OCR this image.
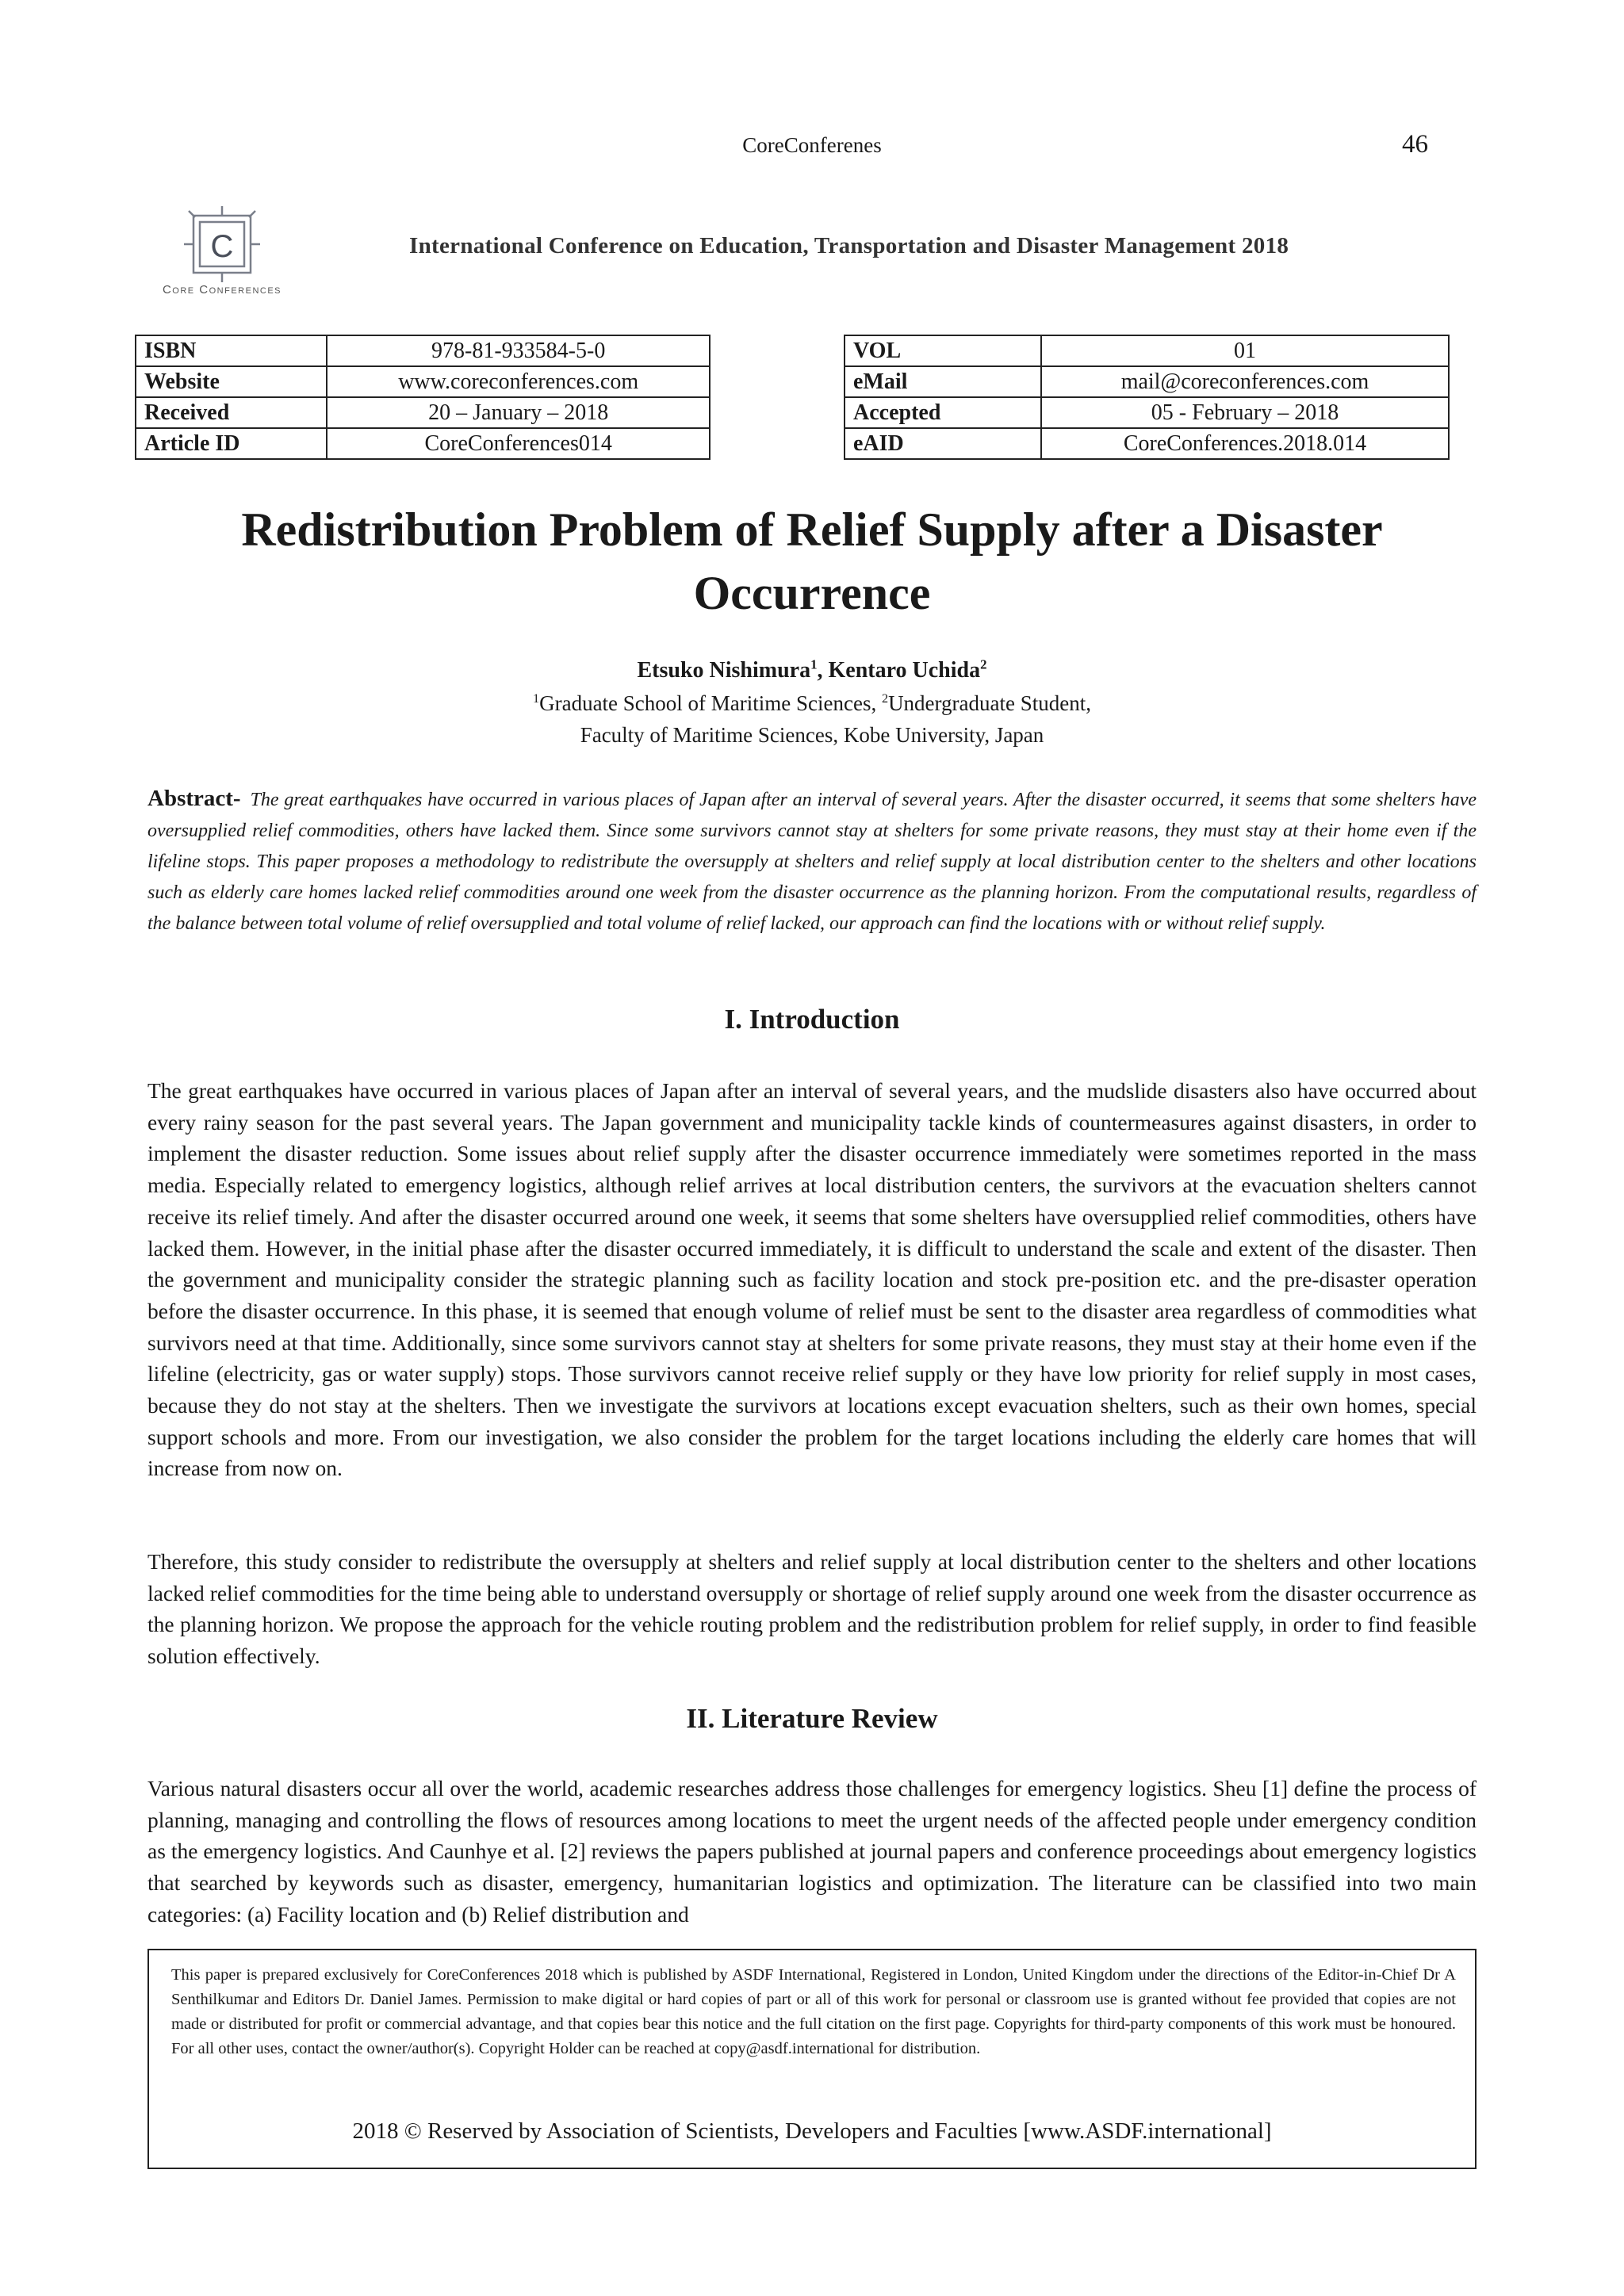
CoreConferenes	46
C
Core Conferences
International Conference on Education, Transportation and Disaster Management 2018
ISBN	978-81-933584-5-0
Website	www.coreconferences.com
Received	20 – January – 2018
Article ID	CoreConferences014
VOL	01
eMail	mail@coreconferences.com
Accepted	05 - February – 2018
eAID	CoreConferences.2018.014
Redistribution Problem of Relief Supply after a Disaster Occurrence
Etsuko Nishimura$^1$, Kentaro Uchida$^2$
$^1$Graduate School of Maritime Sciences, $^2$Undergraduate Student,
Faculty of Maritime Sciences, Kobe University, Japan
Abstract- The great earthquakes have occurred in various places of Japan after an interval of several years. After the disaster occurred, it seems that some shelters have oversupplied relief commodities, others have lacked them. Since some survivors cannot stay at shelters for some private reasons, they must stay at their home even if the lifeline stops. This paper proposes a methodology to redistribute the oversupply at shelters and relief supply at local distribution center to the shelters and other locations such as elderly care homes lacked relief commodities around one week from the disaster occurrence as the planning horizon. From the computational results, regardless of the balance between total volume of relief oversupplied and total volume of relief lacked, our approach can find the locations with or without relief supply.
I. Introduction
The great earthquakes have occurred in various places of Japan after an interval of several years, and the mudslide disasters also have occurred about every rainy season for the past several years. The Japan government and municipality tackle kinds of countermeasures against disasters, in order to implement the disaster reduction. Some issues about relief supply after the disaster occurrence immediately were sometimes reported in the mass media. Especially related to emergency logistics, although relief arrives at local distribution centers, the survivors at the evacuation shelters cannot receive its relief timely. And after the disaster occurred around one week, it seems that some shelters have oversupplied relief commodities, others have lacked them. However, in the initial phase after the disaster occurred immediately, it is difficult to understand the scale and extent of the disaster. Then the government and municipality consider the strategic planning such as facility location and stock pre-position etc. and the pre-disaster operation before the disaster occurrence. In this phase, it is seemed that enough volume of relief must be sent to the disaster area regardless of commodities what survivors need at that time. Additionally, since some survivors cannot stay at shelters for some private reasons, they must stay at their home even if the lifeline (electricity, gas or water supply) stops. Those survivors cannot receive relief supply or they have low priority for relief supply in most cases, because they do not stay at the shelters. Then we investigate the survivors at locations except evacuation shelters, such as their own homes, special support schools and more. From our investigation, we also consider the problem for the target locations including the elderly care homes that will increase from now on.
Therefore, this study consider to redistribute the oversupply at shelters and relief supply at local distribution center to the shelters and other locations lacked relief commodities for the time being able to understand oversupply or shortage of relief supply around one week from the disaster occurrence as the planning horizon. We propose the approach for the vehicle routing problem and the redistribution problem for relief supply, in order to find feasible solution effectively.
II. Literature Review
Various natural disasters occur all over the world, academic researches address those challenges for emergency logistics. Sheu [1] define the process of planning, managing and controlling the flows of resources among locations to meet the urgent needs of the affected people under emergency condition as the emergency logistics. And Caunhye et al. [2] reviews the papers published at journal papers and conference proceedings about emergency logistics that searched by keywords such as disaster, emergency, humanitarian logistics and optimization. The literature can be classified into two main categories: (a) Facility location and (b) Relief distribution and
This paper is prepared exclusively for CoreConferences 2018 which is published by ASDF International, Registered in London, United Kingdom under the directions of the Editor-in-Chief Dr A Senthilkumar and Editors Dr. Daniel James. Permission to make digital or hard copies of part or all of this work for personal or classroom use is granted without fee provided that copies are not made or distributed for profit or commercial advantage, and that copies bear this notice and the full citation on the first page. Copyrights for third-party components of this work must be honoured. For all other uses, contact the owner/author(s). Copyright Holder can be reached at copy@asdf.international for distribution.
2018 © Reserved by Association of Scientists, Developers and Faculties [www.ASDF.international]
